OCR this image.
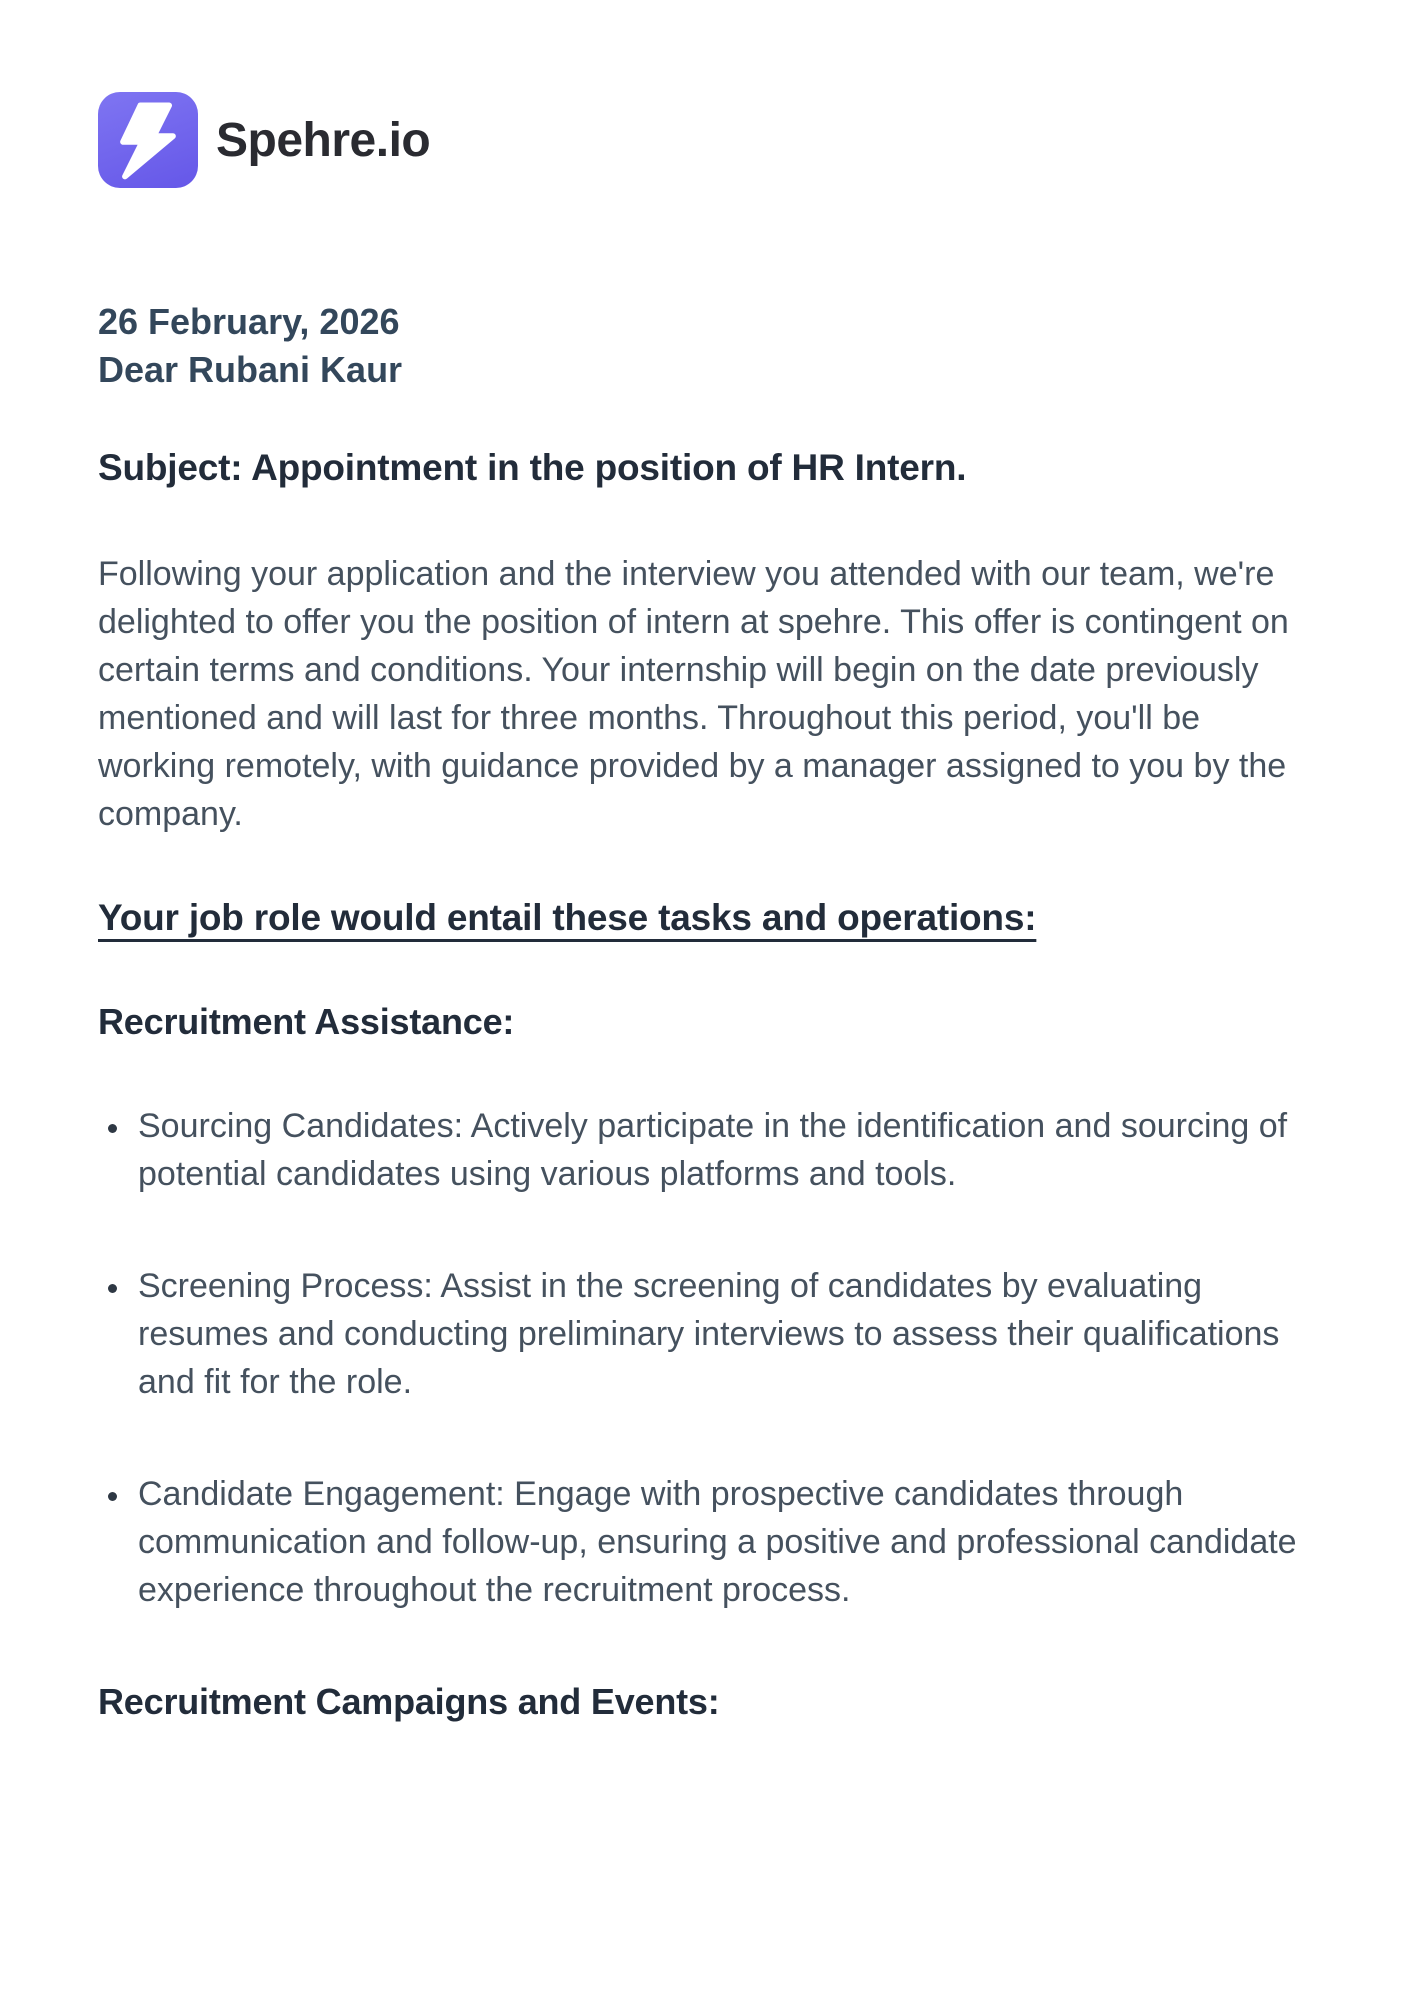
Spehre.io

26 February, 2026

Dear Rubani Kaur

Subject: Appointment in the position of HR Intern.

Following your application and the interview you attended with our team, we're delighted to offer you the position of intern at spehre. This offer is contingent on certain terms and conditions. Your internship will begin on the date previously mentioned and will last for three months. Throughout this period, you'll be working remotely, with guidance provided by a manager assigned to you by the company.

Your job role would entail these tasks and operations:

Recruitment Assistance:

• Sourcing Candidates: Actively participate in the identification and sourcing of potential candidates using various platforms and tools.
• Screening Process: Assist in the screening of candidates by evaluating resumes and conducting preliminary interviews to assess their qualifications and fit for the role.
• Candidate Engagement: Engage with prospective candidates through communication and follow-up, ensuring a positive and professional candidate experience throughout the recruitment process.

Recruitment Campaigns and Events:
